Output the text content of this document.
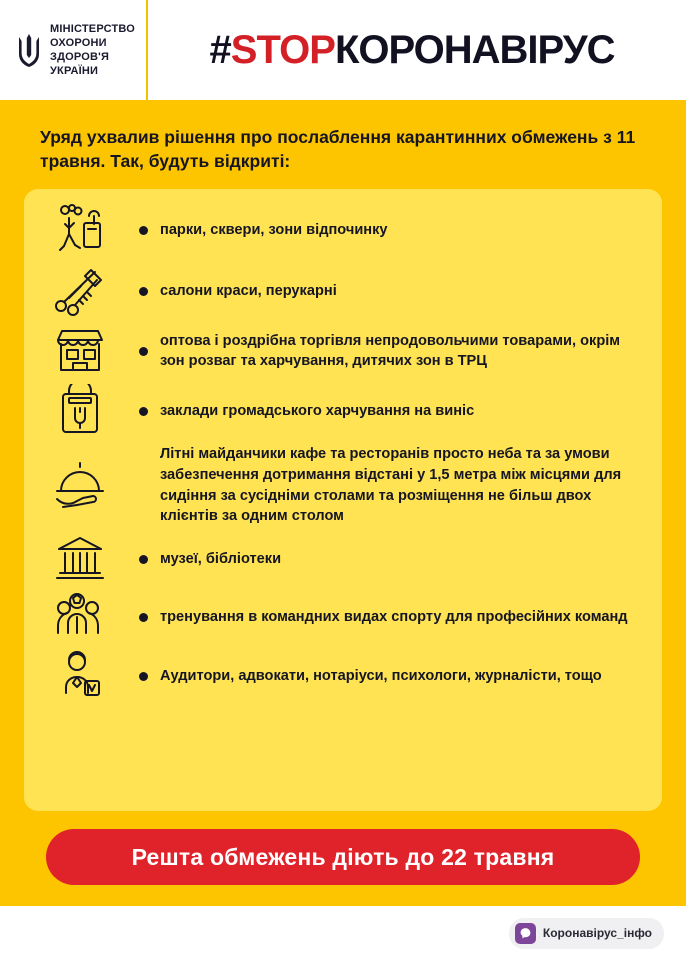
МІНІСТЕРСТВО ОХОРОНИ ЗДОРОВ'Я УКРАЇНИ	#STOPКОРОНАВІРУС
Уряд ухвалив рішення про послаблення карантинних обмежень з 11 травня. Так, будуть відкриті:
парки, сквери, зони відпочинку
салони краси, перукарні
оптова і роздрібна торгівля непродовольчими товарами, окрім зон розваг та харчування, дитячих зон в ТРЦ
заклади громадського харчування на виніс
Літні майданчики кафе та ресторанів просто неба та за умови забезпечення дотримання відстані у 1,5 метра між місцями для сидіння за сусідніми столами та розміщення не більш двох клієнтів за одним столом
музеї, бібліотеки
тренування в командних видах спорту для професійних команд
Аудитори, адвокати, нотаріуси, психологи, журналісти, тощо
Решта обмежень діють до 22 травня
Коронавірус_інфо
